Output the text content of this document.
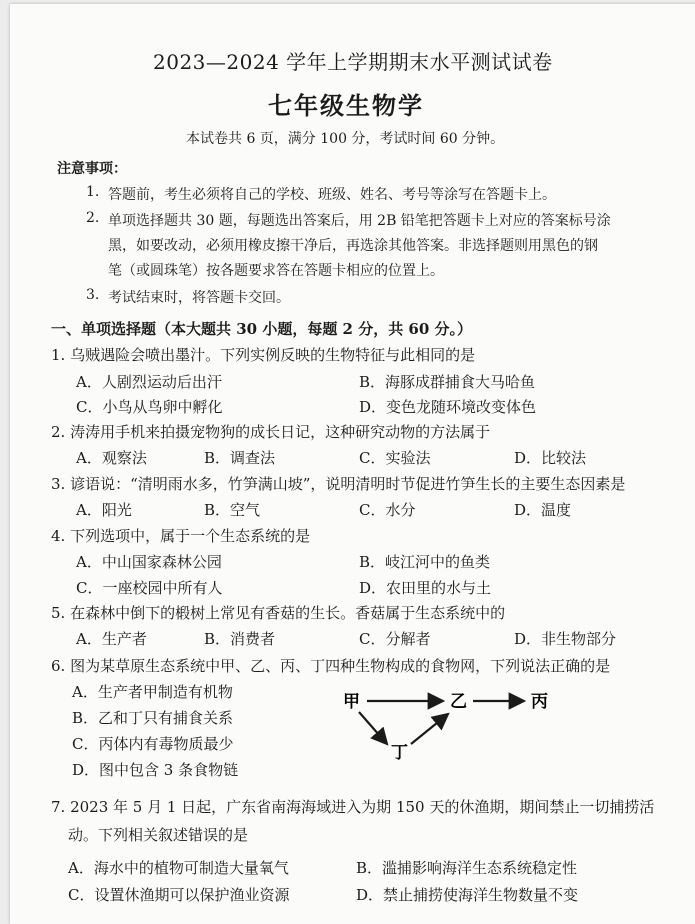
2023—2024 学年上学期期末水平测试试卷
七年级生物学
本试卷共 6 页，满分 100 分，考试时间 60 分钟。
注意事项：
1. 答题前，考生必须将自己的学校、班级、姓名、考号等涂写在答题卡上。
2. 单项选择题共 30 题，每题选出答案后，用 2B 铅笔把答题卡上对应的答案标号涂
黑，如要改动，必须用橡皮擦干净后，再选涂其他答案。非选择题则用黑色的钢
笔（或圆珠笔）按各题要求答在答题卡相应的位置上。
3. 考试结束时，将答题卡交回。
一、单项选择题（本大题共 30 小题，每题 2 分，共 60 分。）
1. 乌贼遇险会喷出墨汁。下列实例反映的生物特征与此相同的是
A．人剧烈运动后出汗	B．海豚成群捕食大马哈鱼
C．小鸟从鸟卵中孵化	D．变色龙随环境改变体色
2. 涛涛用手机来拍摄宠物狗的成长日记，这种研究动物的方法属于
A．观察法	B．调查法	C．实验法	D．比较法
3. 谚语说：“清明雨水多，竹笋满山坡”，说明清明时节促进竹笋生长的主要生态因素是
A．阳光	B．空气	C．水分	D．温度
4. 下列选项中，属于一个生态系统的是
A．中山国家森林公园	B．岐江河中的鱼类
C．一座校园中所有人	D．农田里的水与土
5. 在森林中倒下的椴树上常见有香菇的生长。香菇属于生态系统中的
A．生产者	B．消费者	C．分解者	D．非生物部分
6. 图为某草原生态系统中甲、乙、丙、丁四种生物构成的食物网，下列说法正确的是
A．生产者甲制造有机物
B．乙和丁只有捕食关系
C．丙体内有毒物质最少
D．图中包含 3 条食物链
甲	乙	丙
丁
7. 2023 年 5 月 1 日起，广东省南海海域进入为期 150 天的休渔期，期间禁止一切捕捞活
动。下列相关叙述错误的是
A．海水中的植物可制造大量氧气	B．滥捕影响海洋生态系统稳定性
C．设置休渔期可以保护渔业资源	D．禁止捕捞使海洋生物数量不变
